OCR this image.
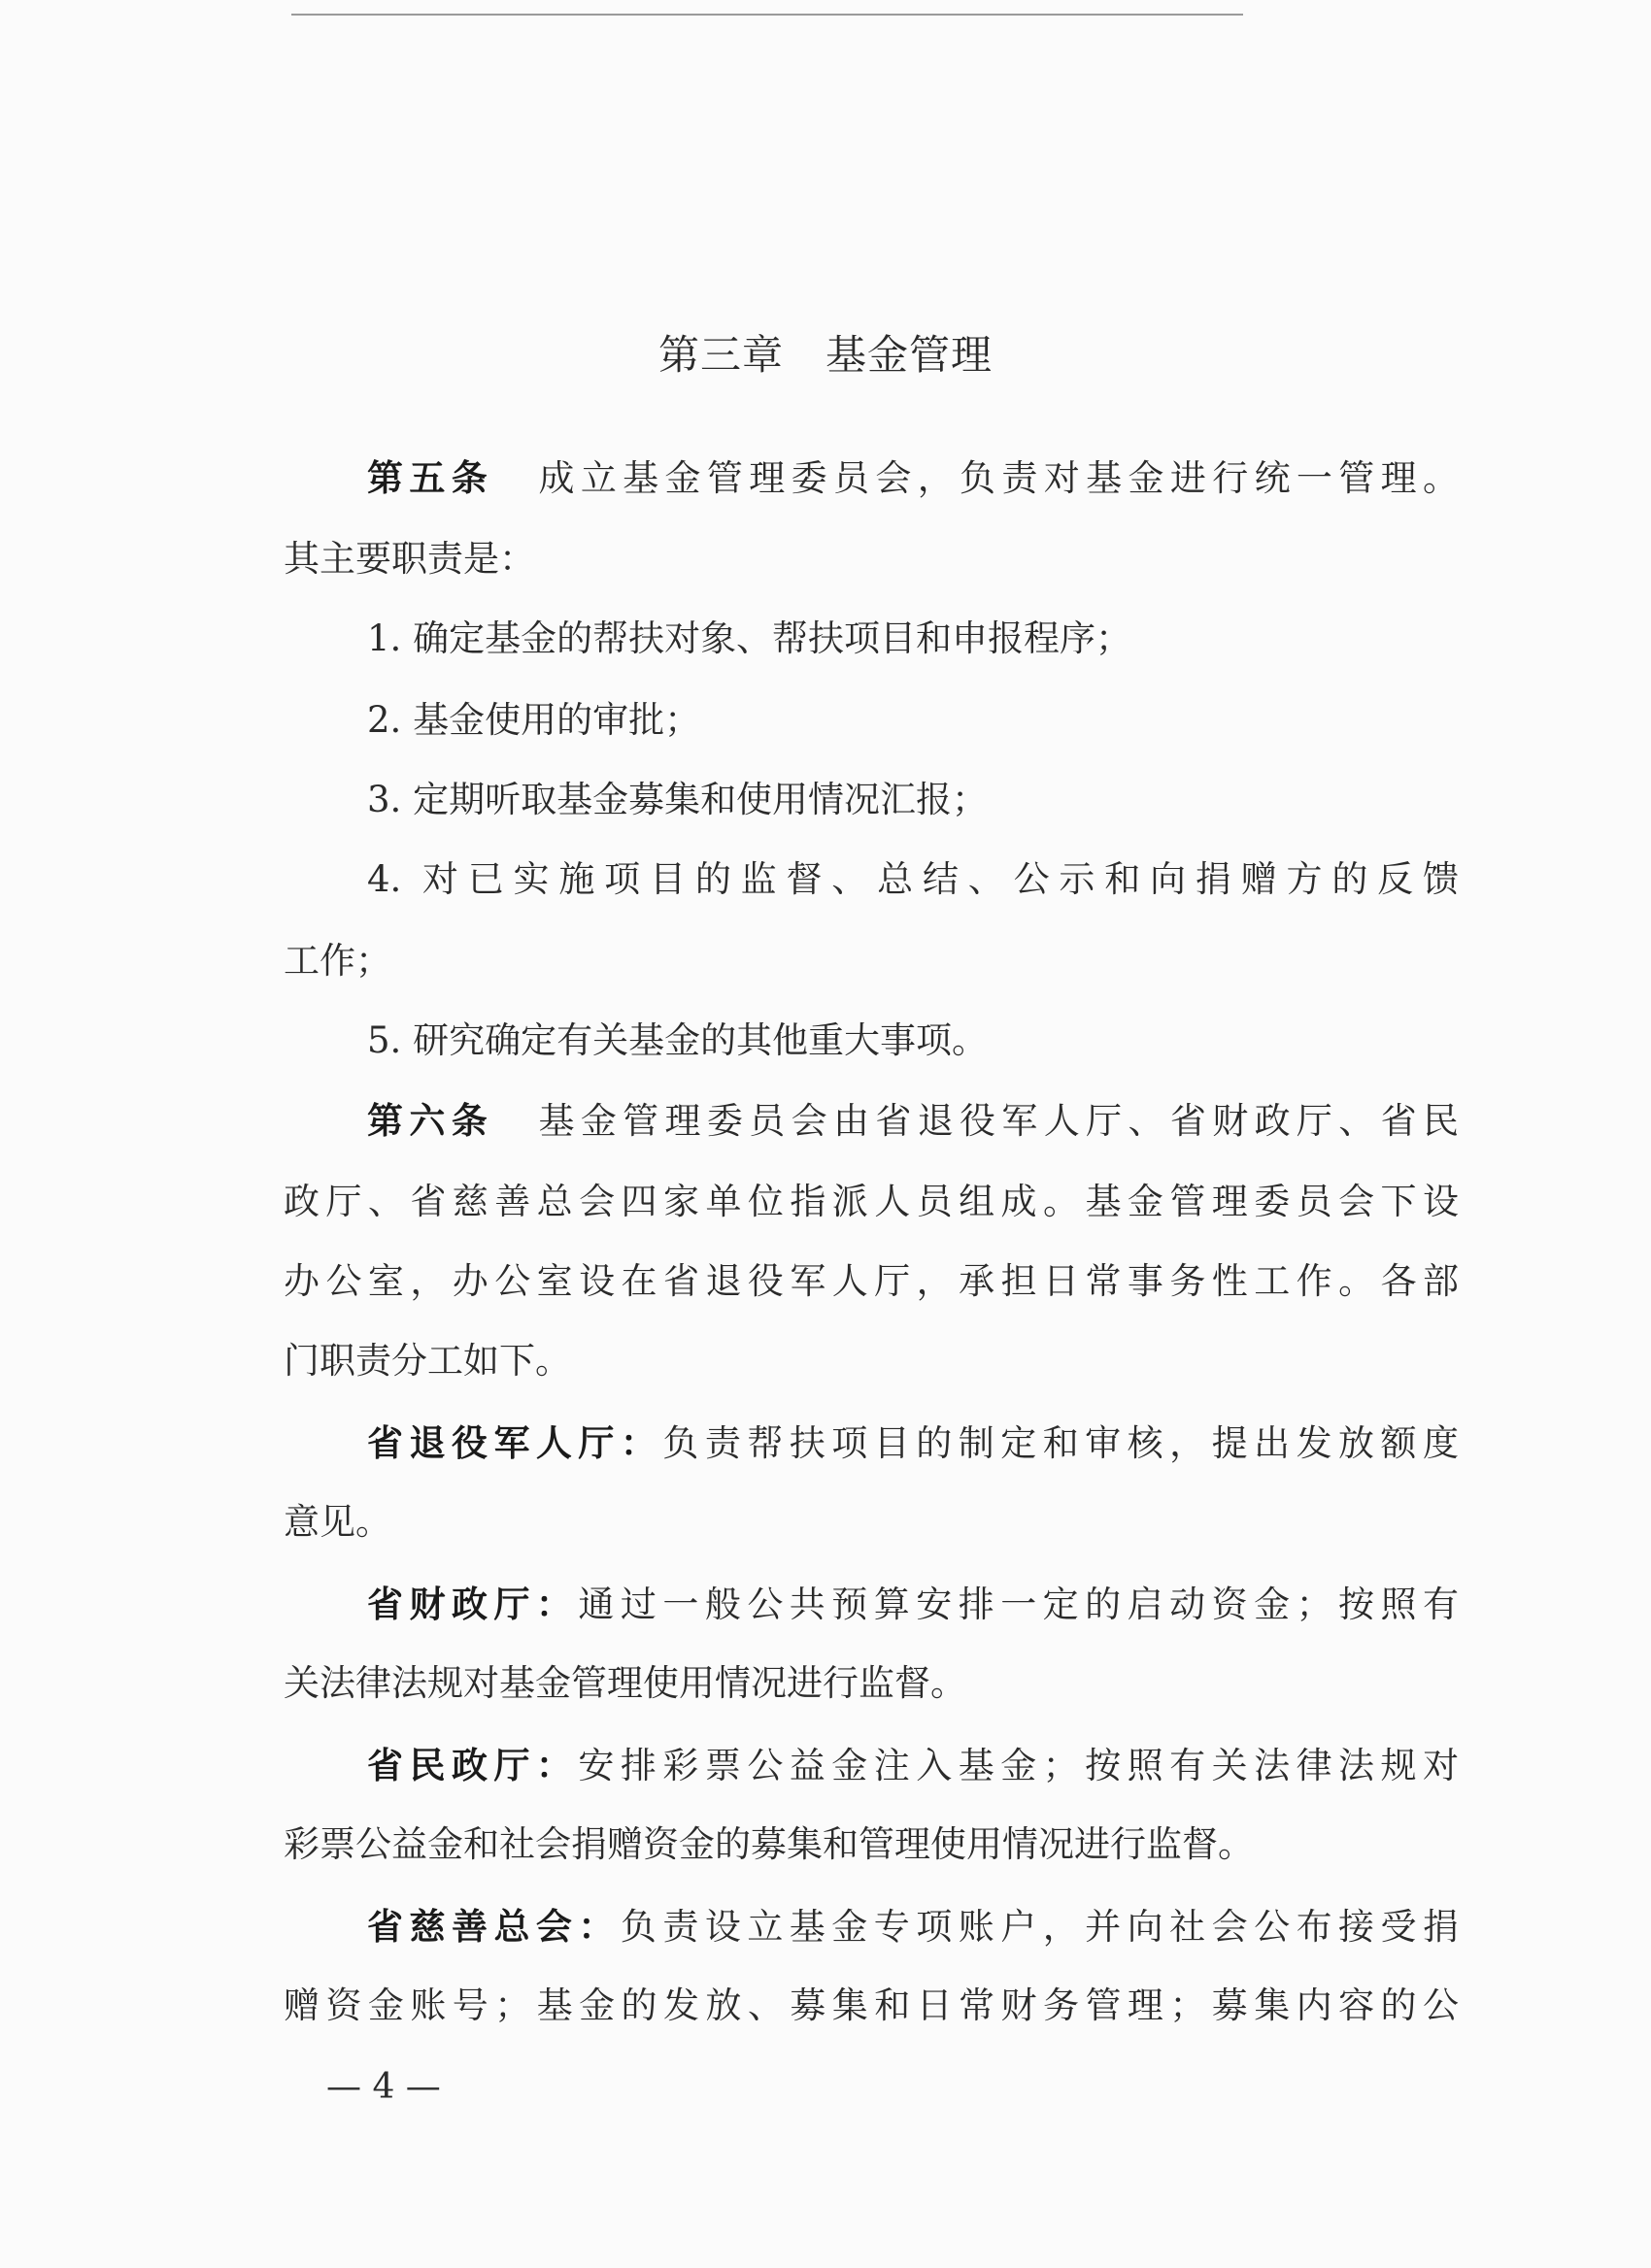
第三章　基金管理
第五条 成立基金管理委员会，负责对基金进行统一管理。
其主要职责是：
1. 确定基金的帮扶对象、帮扶项目和申报程序；
2. 基金使用的审批；
3. 定期听取基金募集和使用情况汇报；
4. 对已实施项目的监督、总结、公示和向捐赠方的反馈
工作；
5. 研究确定有关基金的其他重大事项。
第六条 基金管理委员会由省退役军人厅、省财政厅、省民
政厅、省慈善总会四家单位指派人员组成。基金管理委员会下设
办公室，办公室设在省退役军人厅，承担日常事务性工作。各部
门职责分工如下。
省退役军人厅：负责帮扶项目的制定和审核，提出发放额度
意见。
省财政厅：通过一般公共预算安排一定的启动资金；按照有
关法律法规对基金管理使用情况进行监督。
省民政厅：安排彩票公益金注入基金；按照有关法律法规对
彩票公益金和社会捐赠资金的募集和管理使用情况进行监督。
省慈善总会：负责设立基金专项账户，并向社会公布接受捐
赠资金账号；基金的发放、募集和日常财务管理；募集内容的公
— 4 —
